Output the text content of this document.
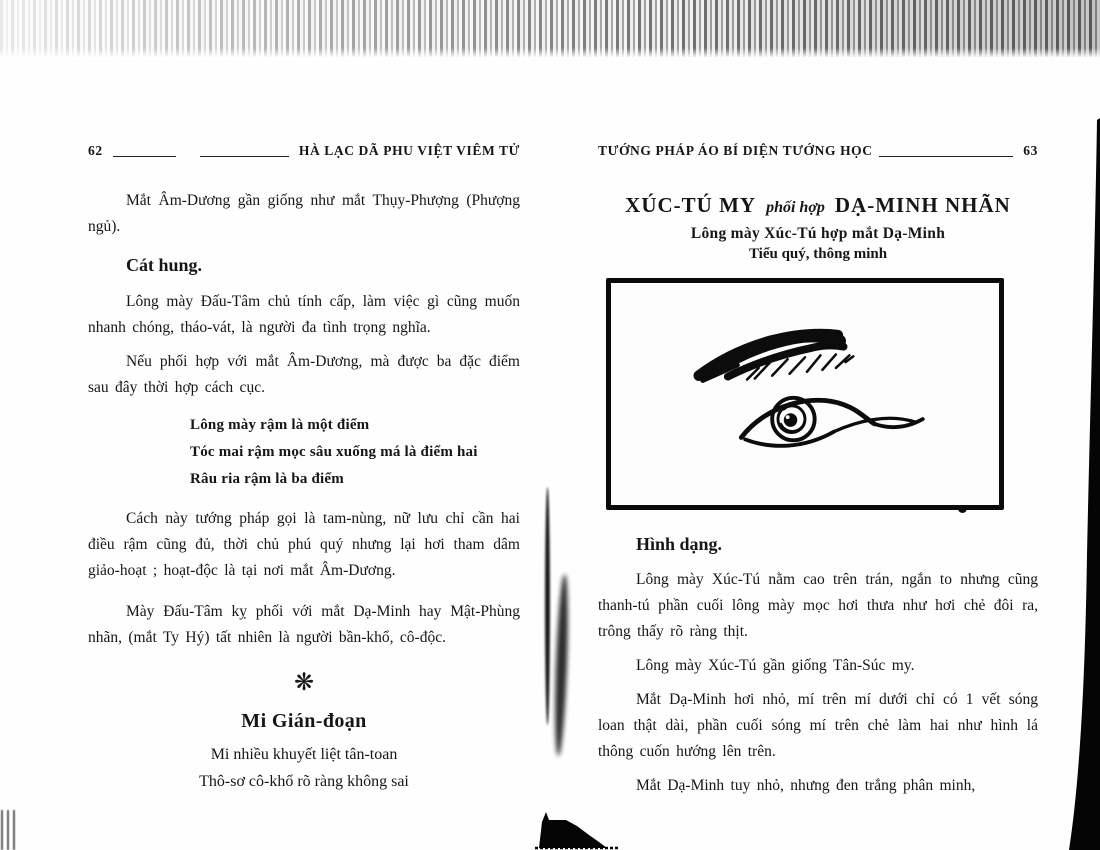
62	HÀ LẠC DÃ PHU VIỆT VIÊM TỬ

Mắt Âm-Dương gần giống như mắt Thụy-Phượng (Phượng ngủ).

Cát hung.

Lông mày Đấu-Tâm chủ tính cấp, làm việc gì cũng muốn nhanh chóng, tháo-vát, là người đa tình trọng nghĩa.

Nếu phối hợp với mắt Âm-Dương, mà được ba đặc điểm sau đây thời hợp cách cục.

Lông mày rậm là một điểm
Tóc mai rậm mọc sâu xuống má là điểm hai
Râu ria rậm là ba điểm

Cách này tướng pháp gọi là tam-nùng, nữ lưu chỉ cần hai điều rậm cũng đủ, thời chủ phú quý nhưng lại hơi tham dâm giảo-hoạt ; hoạt-độc là tại nơi mắt Âm-Dương.

Mày Đấu-Tâm kỵ phối với mắt Dạ-Minh hay Mật-Phùng nhãn, (mắt Ty Hý) tất nhiên là người bần-khổ, cô-độc.

❋
Mi Gián-đoạn
Mi nhiều khuyết liệt tân-toan
Thô-sơ cô-khổ rõ ràng không sai
TƯỚNG PHÁP ÁO BÍ DIỆN TƯỚNG HỌC	63
XÚC-TÚ MY phối hợp DẠ-MINH NHÃN
Lông mày Xúc-Tú hợp mắt Dạ-Minh
Tiểu quý, thông minh
Hình dạng.

Lông mày Xúc-Tú nằm cao trên trán, ngắn to nhưng cũng thanh-tú phần cuối lông mày mọc hơi thưa như hơi chẻ đôi ra, trông thấy rõ ràng thịt.

Lông mày Xúc-Tú gần giống Tân-Súc my.

Mắt Dạ-Minh hơi nhỏ, mí trên mí dưới chỉ có 1 vết sóng loan thật dài, phần cuối sóng mí trên chẻ làm hai như hình lá thông cuốn hướng lên trên.

Mắt Dạ-Minh tuy nhỏ, nhưng đen trắng phân minh,
